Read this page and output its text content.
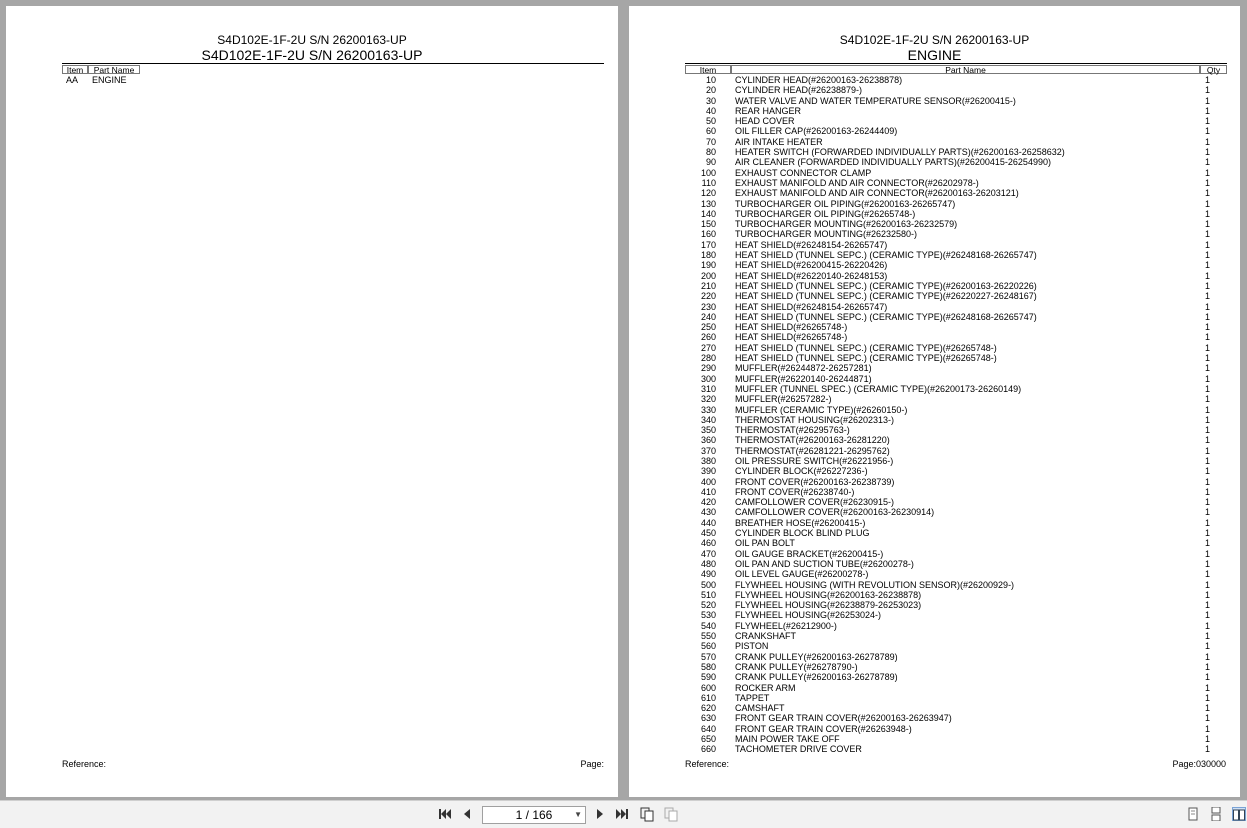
S4D102E-1F-2U S/N 26200163-UP
S4D102E-1F-2U S/N 26200163-UP
Item	Part Name
AA ENGINE
Reference:	Page:
S4D102E-1F-2U S/N 26200163-UP
ENGINE
Item	Part Name	Qty
10 CYLINDER HEAD(#26200163-26238878)	1
20 CYLINDER HEAD(#26238879-)	1
30 WATER VALVE AND WATER TEMPERATURE SENSOR(#26200415-)	1
40 REAR HANGER	1
50 HEAD COVER	1
60 OIL FILLER CAP(#26200163-26244409)	1
70 AIR INTAKE HEATER	1
80 HEATER SWITCH (FORWARDED INDIVIDUALLY PARTS)(#26200163-26258632)	1
90 AIR CLEANER (FORWARDED INDIVIDUALLY PARTS)(#26200415-26254990)	1
100 EXHAUST CONNECTOR CLAMP	1
110 EXHAUST MANIFOLD AND AIR CONNECTOR(#26202978-)	1
120 EXHAUST MANIFOLD AND AIR CONNECTOR(#26200163-26203121)	1
130 TURBOCHARGER OIL PIPING(#26200163-26265747)	1
140 TURBOCHARGER OIL PIPING(#26265748-)	1
150 TURBOCHARGER MOUNTING(#26200163-26232579)	1
160 TURBOCHARGER MOUNTING(#26232580-)	1
170 HEAT SHIELD(#26248154-26265747)	1
180 HEAT SHIELD (TUNNEL SEPC.) (CERAMIC TYPE)(#26248168-26265747)	1
190 HEAT SHIELD(#26200415-26220426)	1
200 HEAT SHIELD(#26220140-26248153)	1
210 HEAT SHIELD (TUNNEL SEPC.) (CERAMIC TYPE)(#26200163-26220226)	1
220 HEAT SHIELD (TUNNEL SEPC.) (CERAMIC TYPE)(#26220227-26248167)	1
230 HEAT SHIELD(#26248154-26265747)	1
240 HEAT SHIELD (TUNNEL SEPC.) (CERAMIC TYPE)(#26248168-26265747)	1
250 HEAT SHIELD(#26265748-)	1
260 HEAT SHIELD(#26265748-)	1
270 HEAT SHIELD (TUNNEL SEPC.) (CERAMIC TYPE)(#26265748-)	1
280 HEAT SHIELD (TUNNEL SEPC.) (CERAMIC TYPE)(#26265748-)	1
290 MUFFLER(#26244872-26257281)	1
300 MUFFLER(#26220140-26244871)	1
310 MUFFLER (TUNNEL SPEC.) (CERAMIC TYPE)(#26200173-26260149)	1
320 MUFFLER(#26257282-)	1
330 MUFFLER (CERAMIC TYPE)(#26260150-)	1
340 THERMOSTAT HOUSING(#26202313-)	1
350 THERMOSTAT(#26295763-)	1
360 THERMOSTAT(#26200163-26281220)	1
370 THERMOSTAT(#26281221-26295762)	1
380 OIL PRESSURE SWITCH(#26221956-)	1
390 CYLINDER BLOCK(#26227236-)	1
400 FRONT COVER(#26200163-26238739)	1
410 FRONT COVER(#26238740-)	1
420 CAMFOLLOWER COVER(#26230915-)	1
430 CAMFOLLOWER COVER(#26200163-26230914)	1
440 BREATHER HOSE(#26200415-)	1
450 CYLINDER BLOCK BLIND PLUG	1
460 OIL PAN BOLT	1
470 OIL GAUGE BRACKET(#26200415-)	1
480 OIL PAN AND SUCTION TUBE(#26200278-)	1
490 OIL LEVEL GAUGE(#26200278-)	1
500 FLYWHEEL HOUSING (WITH REVOLUTION SENSOR)(#26200929-)	1
510 FLYWHEEL HOUSING(#26200163-26238878)	1
520 FLYWHEEL HOUSING(#26238879-26253023)	1
530 FLYWHEEL HOUSING(#26253024-)	1
540 FLYWHEEL(#26212900-)	1
550 CRANKSHAFT	1
560 PISTON	1
570 CRANK PULLEY(#26200163-26278789)	1
580 CRANK PULLEY(#26278790-)	1
590 CRANK PULLEY(#26200163-26278789)	1
600 ROCKER ARM	1
610 TAPPET	1
620 CAMSHAFT	1
630 FRONT GEAR TRAIN COVER(#26200163-26263947)	1
640 FRONT GEAR TRAIN COVER(#26263948-)	1
650 MAIN POWER TAKE OFF	1
660 TACHOMETER DRIVE COVER	1
Reference:	Page:030000
1 / 166	▼
